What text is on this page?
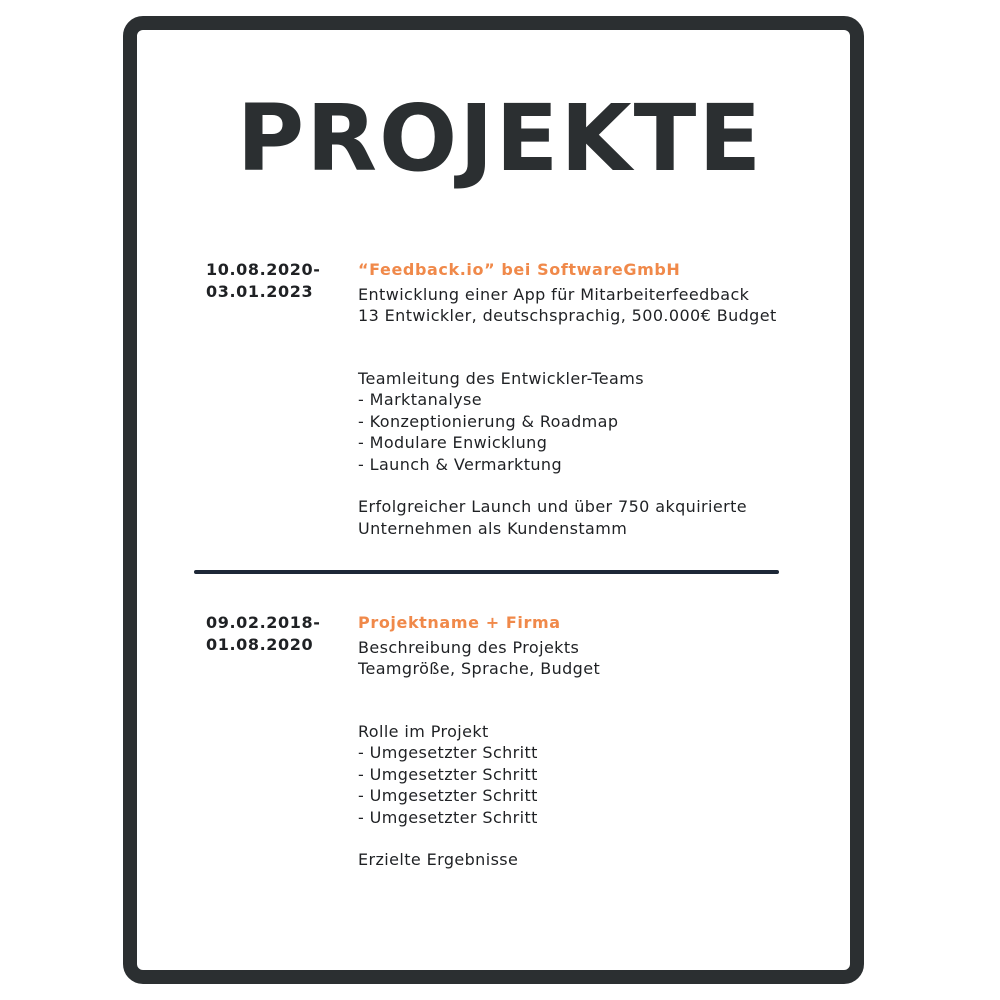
PROJEKTE
10.08.2020-
03.01.2023
“Feedback.io” bei SoftwareGmbH
Entwicklung einer App für Mitarbeiterfeedback
13 Entwickler, deutschsprachig, 500.000€ Budget
Teamleitung des Entwickler-Teams
- Marktanalyse
- Konzeptionierung & Roadmap
- Modulare Enwicklung
- Launch & Vermarktung
Erfolgreicher Launch und über 750 akquirierte
Unternehmen als Kundenstamm
09.02.2018-
01.08.2020
Projektname + Firma
Beschreibung des Projekts
Teamgröße, Sprache, Budget
Rolle im Projekt
- Umgesetzter Schritt
- Umgesetzter Schritt
- Umgesetzter Schritt
- Umgesetzter Schritt
Erzielte Ergebnisse
